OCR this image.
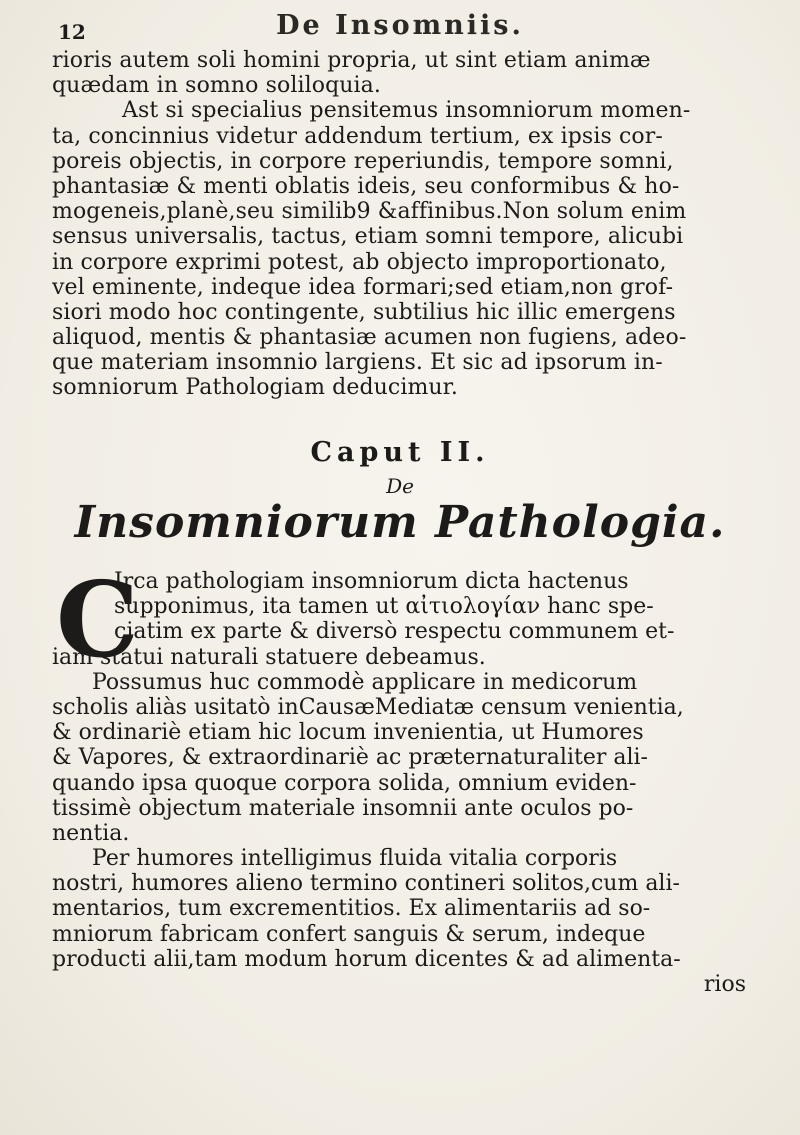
12	De Insomniis.
rioris autem soli homini propria, ut sint etiam animæ
quædam in somno soliloquia.
Ast si specialius pensitemus insomniorum momen-
ta, concinnius videtur addendum tertium, ex ipsis cor-
poreis objectis, in corpore reperiundis, tempore somni,
phantasiæ & menti oblatis ideis, seu conformibus & ho-
mogeneis,planè,seu similib9 &affinibus.Non solum enim
sensus universalis, tactus, etiam somni tempore, alicubi
in corpore exprimi potest, ab objecto improportionato,
vel eminente, indeque idea formari;sed etiam,non grof-
siori modo hoc contingente, subtilius hic illic emergens
aliquod, mentis & phantasiæ acumen non fugiens, adeo-
que materiam insomnio largiens. Et sic ad ipsorum in-
somniorum Pathologiam deducimur.
Caput II.
De
Insomniorum Pathologia.
C
Irca pathologiam insomniorum dicta hactenus
supponimus, ita tamen ut αἰτιολογίαν hanc spe-
ciatim ex parte & diversò respectu communem et-
iam statui naturali statuere debeamus.
Possumus huc commodè applicare in medicorum
scholis aliàs usitatò inCausæMediatæ censum venientia,
& ordinariè etiam hic locum invenientia, ut Humores
& Vapores, & extraordinariè ac præternaturaliter ali-
quando ipsa quoque corpora solida, omnium eviden-
tissimè objectum materiale insomnii ante oculos po-
nentia.
Per humores intelligimus fluida vitalia corporis
nostri, humores alieno termino contineri solitos,cum ali-
mentarios, tum excrementitios. Ex alimentariis ad so-
mniorum fabricam confert sanguis & serum, indeque
producti alii,tam modum horum dicentes & ad alimenta-
rios
